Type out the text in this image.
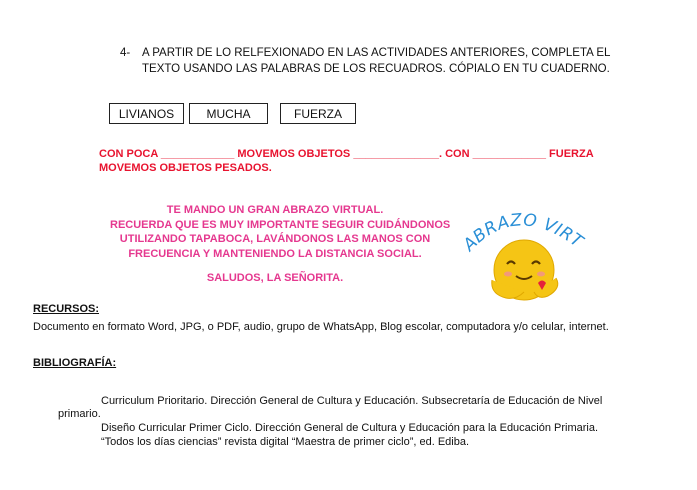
4- A PARTIR DE LO RELFEXIONADO EN LAS ACTIVIDADES ANTERIORES, COMPLETA EL
TEXTO USANDO LAS PALABRAS DE LOS RECUADROS. CÓPIALO EN TU CUADERNO.
LIVIANOS	MUCHA	FUERZA
CON POCA ____________ MOVEMOS OBJETOS ______________. CON ____________ FUERZA
MOVEMOS OBJETOS PESADOS.
TE MANDO UN GRAN ABRAZO VIRTUAL.
RECUERDA QUE ES MUY IMPORTANTE SEGUIR CUIDÁNDONOS
UTILIZANDO TAPABOCA, LAVÁNDONOS LAS MANOS CON
FRECUENCIA Y MANTENIENDO LA DISTANCIA SOCIAL.
SALUDOS, LA SEÑORITA.
BRAZO VIRT
RECURSOS:
Documento en formato Word, JPG, o PDF, audio, grupo de WhatsApp, Blog escolar, computadora y/o celular, internet.
BIBLIOGRAFÍA:
Curriculum Prioritario. Dirección General de Cultura y Educación. Subsecretaría de Educación de Nivel
primario.
Diseño Curricular Primer Ciclo. Dirección General de Cultura y Educación para la Educación Primaria.
“Todos los días ciencias” revista digital “Maestra de primer ciclo”, ed. Ediba.
